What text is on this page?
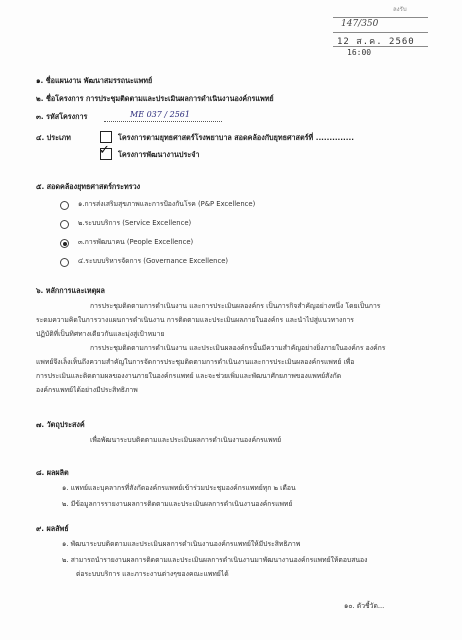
ลงรับ
147/350
12 ส.ค. 2560
16:00
๑. ชื่อแผนงาน พัฒนาสมรรถนะแพทย์
๒. ชื่อโครงการ การประชุมติดตามและประเมินผลการดำเนินงานองค์กรแพทย์
๓. รหัสโครงการ	ME 037 / 2561
๔. ประเภท	โครงการตามยุทธศาสตร์โรงพยาบาล สอดคล้องกับยุทธศาสตร์ที่ ..............
✓ โครงการพัฒนางานประจำ
๕. สอดคล้องยุทธศาสตร์กระทรวง
๑.การส่งเสริมสุขภาพและการป้องกันโรค (P&P Excellence)
๒.ระบบบริการ (Service Excellence)
๓.การพัฒนาคน (People Excellence)
๔.ระบบบริหารจัดการ (Governance Excellence)
๖. หลักการและเหตุผล
การประชุมติดตามการดำเนินงาน และการประเมินผลองค์กร เป็นภารกิจสำคัญอย่างหนึ่ง โดยเป็นการ
ระดมความคิดในการวางแผนการดำเนินงาน การติดตามและประเมินผลภายในองค์กร และนำไปสู่แนวทางการ
ปฏิบัติที่เป็นทิศทางเดียวกันและมุ่งสู่เป้าหมาย
การประชุมติดตามการดำเนินงาน และประเมินผลองค์กรนั้นมีความสำคัญอย่างยิ่งภายในองค์กร องค์กร
แพทย์จึงเล็งเห็นถึงความสำคัญในการจัดการประชุมติดตามการดำเนินงานและการประเมินผลองค์กรแพทย์ เพื่อ
การประเมินและติดตามผลของงานภายในองค์กรแพทย์ และจะช่วยเพิ่มและพัฒนาศักยภาพของแพทย์สังกัด
องค์กรแพทย์ได้อย่างมีประสิทธิภาพ
๗. วัตถุประสงค์
เพื่อพัฒนาระบบติดตามและประเมินผลการดำเนินงานองค์กรแพทย์
๘. ผลผลิต
๑. แพทย์และบุคลากรที่สังกัดองค์กรแพทย์เข้าร่วมประชุมองค์กรแพทย์ทุก ๒ เดือน
๒. มีข้อมูลการรายงานผลการติดตามและประเมินผลการดำเนินงานองค์กรแพทย์
๙. ผลลัพธ์
๑. พัฒนาระบบติดตามและประเมินผลการดำเนินงานองค์กรแพทย์ให้มีประสิทธิภาพ
๒. สามารถนำรายงานผลการติดตามและประเมินผลการดำเนินงานมาพัฒนางานองค์กรแพทย์ให้ตอบสนอง
ต่อระบบบริการ และภาระงานต่างๆของคณะแพทย์ได้
๑๐. ตัวชี้วัด...
